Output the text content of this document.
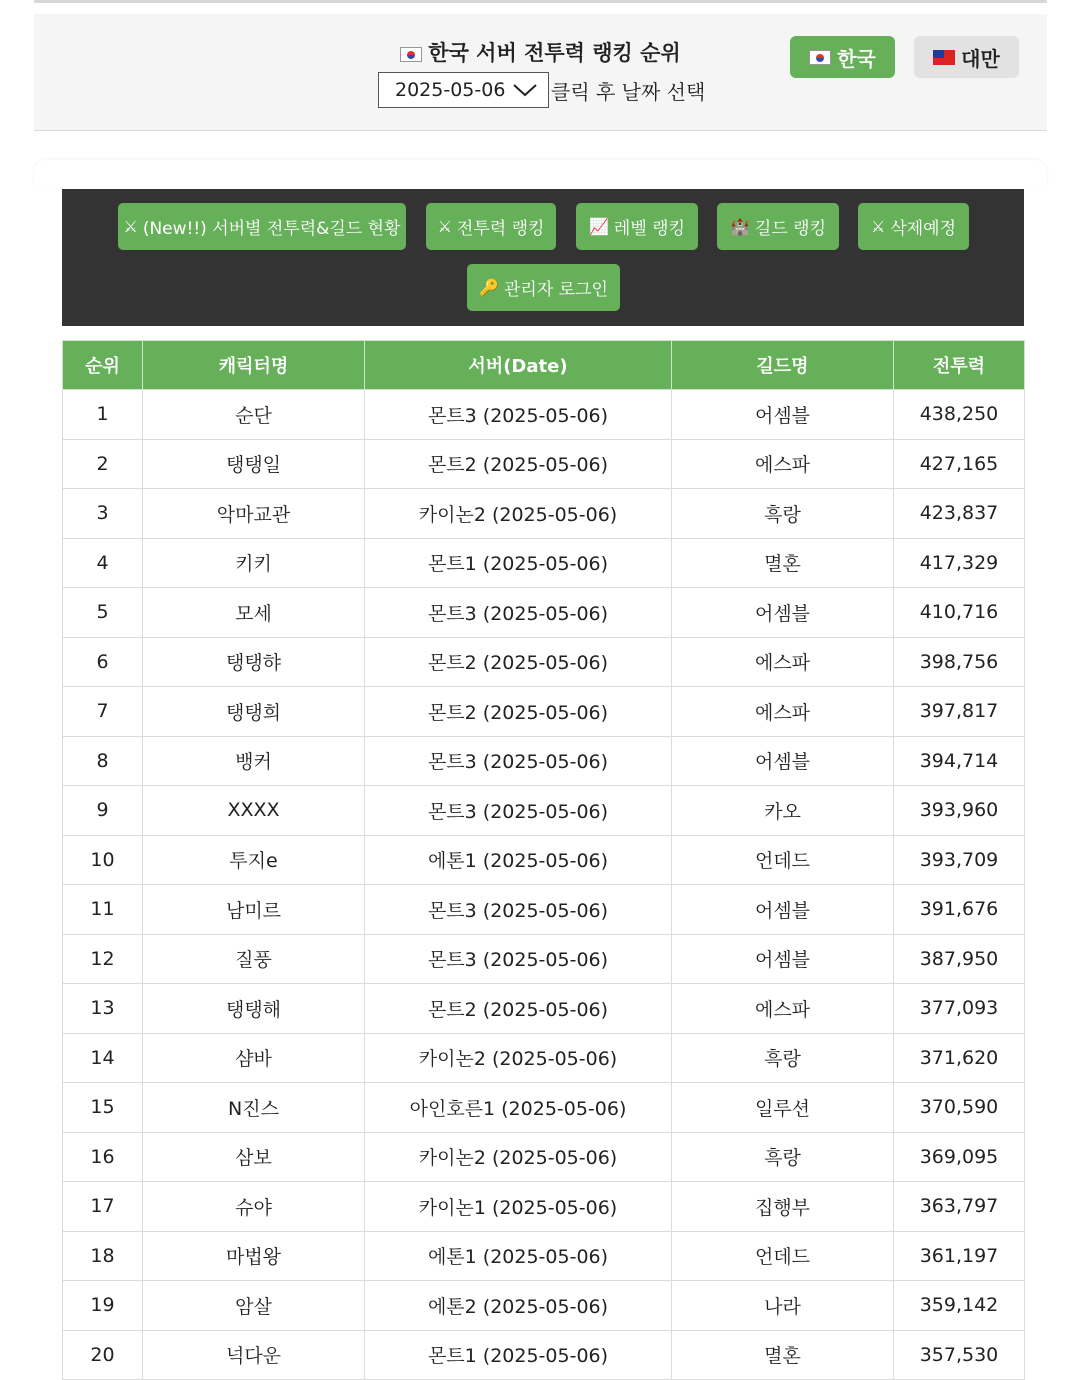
한국 서버 전투력 랭킹 순위
2025-05-06 클릭 후 날짜 선택
한국	대만
⚔ (New!!) 서버별 전투력&길드 현황 ⚔ 전투력 랭킹	📈 레벨 랭킹	🏰 길드 랭킹	⚔ 삭제예정
🔑 관리자 로그인
순위	캐릭터명	서버(Date)	길드명	전투력
1	순단	몬트3 (2025-05-06)	어셈블	438,250
2	탱탱일	몬트2 (2025-05-06)	에스파	427,165
3	악마교관	카이논2 (2025-05-06)	흑랑	423,837
4	키키	몬트1 (2025-05-06)	멸혼	417,329
5	모세	몬트3 (2025-05-06)	어셈블	410,716
6	탱탱햐	몬트2 (2025-05-06)	에스파	398,756
7	탱탱희	몬트2 (2025-05-06)	에스파	397,817
8	뱅커	몬트3 (2025-05-06)	어셈블	394,714
9	XXXX	몬트3 (2025-05-06)	카오	393,960
10	투지e	에톤1 (2025-05-06)	언데드	393,709
11	남미르	몬트3 (2025-05-06)	어셈블	391,676
12	질풍	몬트3 (2025-05-06)	어셈블	387,950
13	탱탱해	몬트2 (2025-05-06)	에스파	377,093
14	샴바	카이논2 (2025-05-06)	흑랑	371,620
15	N진스	아인호른1 (2025-05-06)	일루션	370,590
16	삼보	카이논2 (2025-05-06)	흑랑	369,095
17	슈야	카이논1 (2025-05-06)	집행부	363,797
18	마법왕	에톤1 (2025-05-06)	언데드	361,197
19	암살	에톤2 (2025-05-06)	나라	359,142
20	넉다운	몬트1 (2025-05-06)	멸혼	357,530
